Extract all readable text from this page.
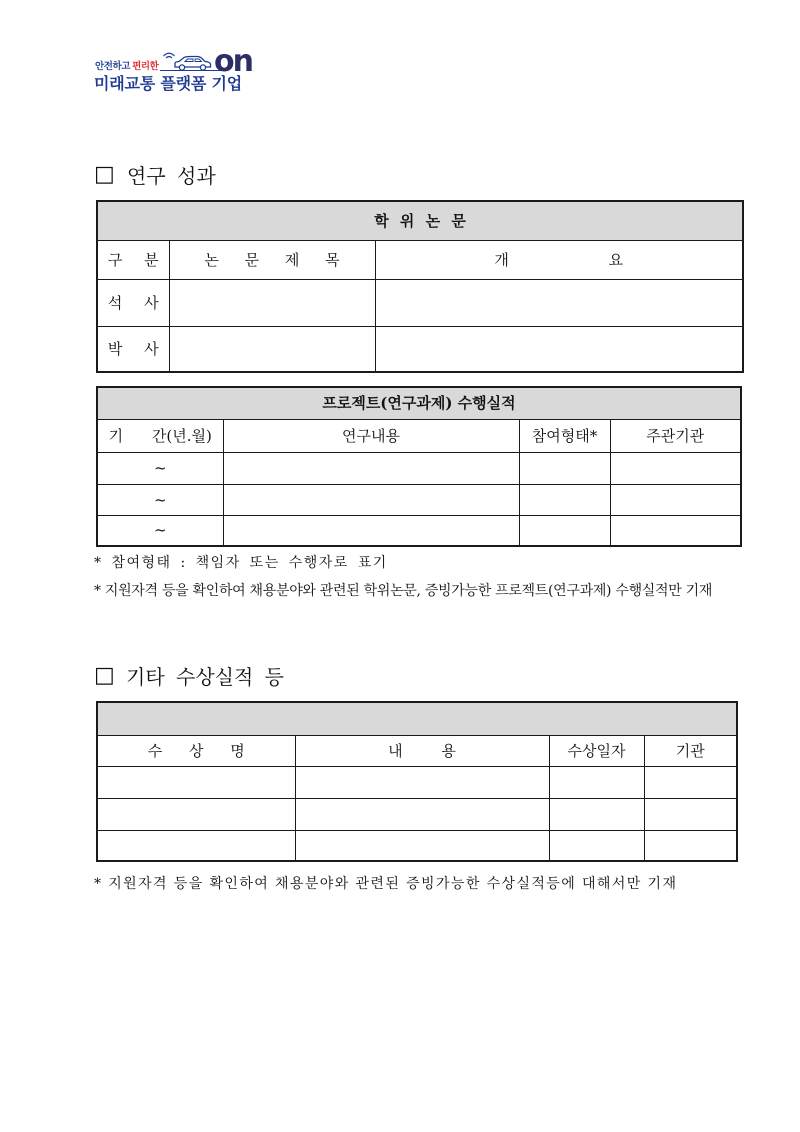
안전하고 편리한 on
미래교통 플랫폼 기업
□ 연구 성과
학 위 논 문		
구 분	논 문 제 목	개 요
석 사		
박 사		
프로젝트(연구과제) 수행실적			
기 간(년.월)	연구내용	참여형태*	주관기관
~			
~			
~			
* 참여형태 : 책임자 또는 수행자로 표기
* 지원자격 등을 확인하여 채용분야와 관련된 학위논문, 증빙가능한 프로젝트(연구과제) 수행실적만 기재
□ 기타 수상실적 등

수 상 명	내 용	수상일자	기관

* 지원자격 등을 확인하여 채용분야와 관련된 증빙가능한 수상실적등에 대해서만 기재
